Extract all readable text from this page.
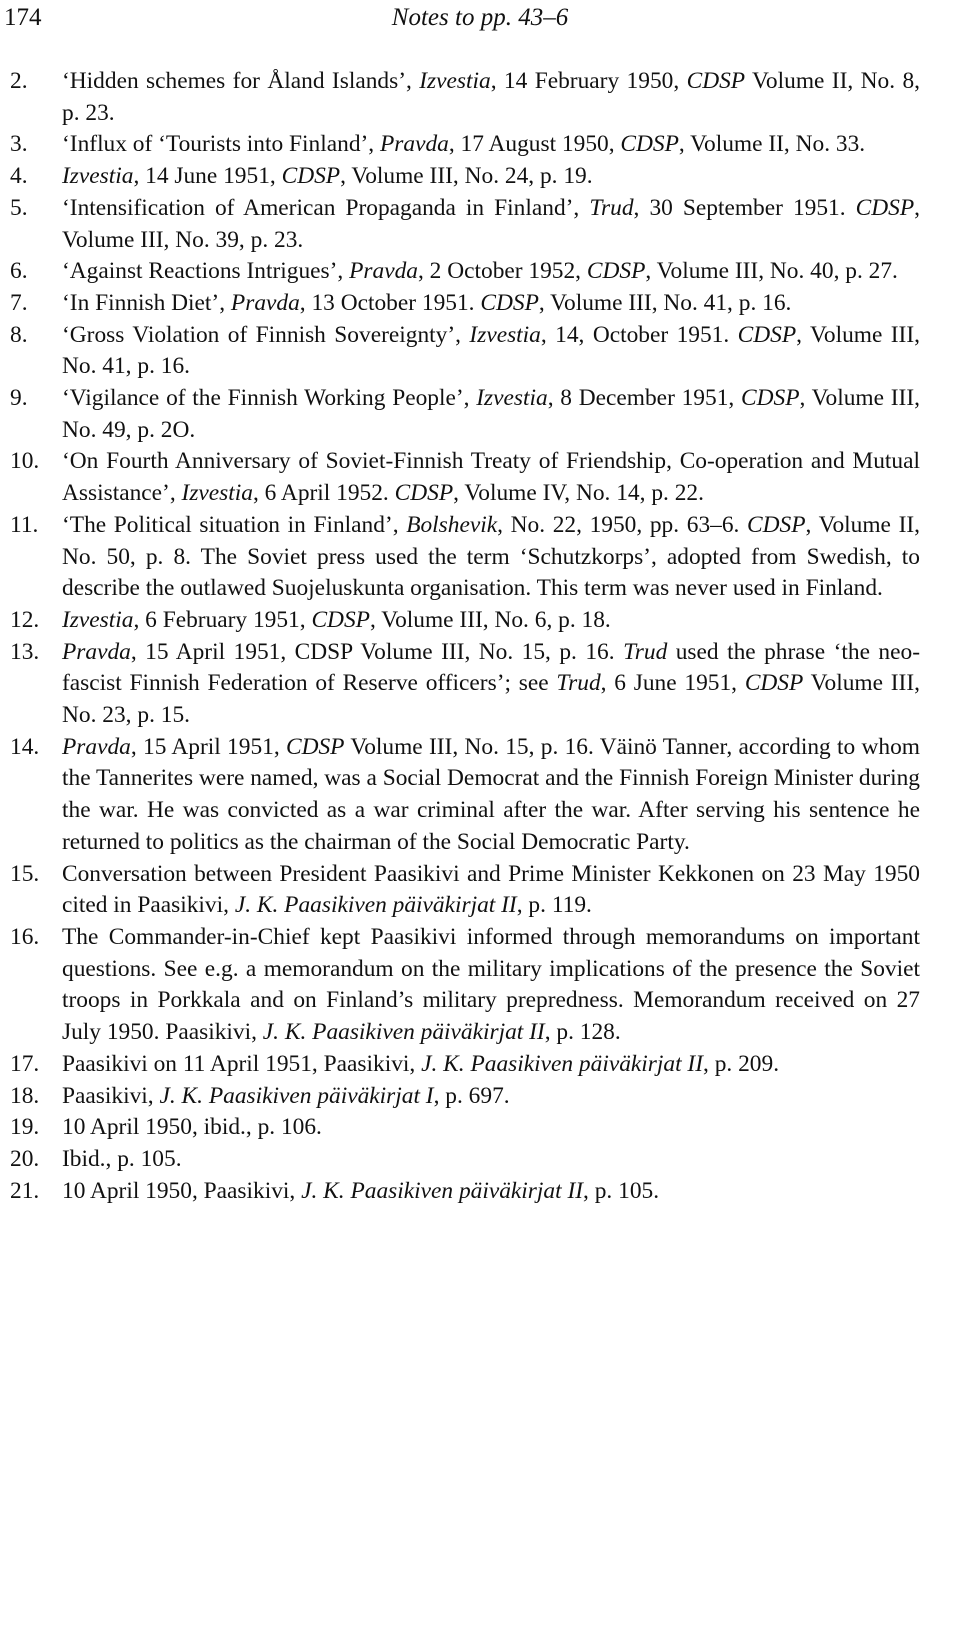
174	Notes to pp. 43–6
2.	‘Hidden schemes for Åland Islands’, Izvestia, 14 February 1950, CDSP Volume II, No. 8, p. 23.
3.	‘Influx of ‘Tourists into Finland’, Pravda, 17 August 1950, CDSP, Volume II, No. 33.
4.	Izvestia, 14 June 1951, CDSP, Volume III, No. 24, p. 19.
5.	‘Intensification of American Propaganda in Finland’, Trud, 30 September 1951. CDSP, Volume III, No. 39, p. 23.
6.	‘Against Reactions Intrigues’, Pravda, 2 October 1952, CDSP, Volume III, No. 40, p. 27.
7.	‘In Finnish Diet’, Pravda, 13 October 1951. CDSP, Volume III, No. 41, p. 16.
8.	‘Gross Violation of Finnish Sovereignty’, Izvestia, 14, October 1951. CDSP, Volume III, No. 41, p. 16.
9.	‘Vigilance of the Finnish Working People’, Izvestia, 8 December 1951, CDSP, Volume III, No. 49, p. 2O.
10. ‘On Fourth Anniversary of Soviet-Finnish Treaty of Friendship, Co-operation and Mutual Assistance’, Izvestia, 6 April 1952. CDSP, Volume IV, No. 14, p. 22.
11.	‘The Political situation in Finland’, Bolshevik, No. 22, 1950, pp. 63–6. CDSP, Volume II, No. 50, p. 8. The Soviet press used the term ‘Schutzkorps’, adopted from Swedish, to describe the outlawed Suojeluskunta organisation. This term was never used in Finland.
12. Izvestia, 6 February 1951, CDSP, Volume III, No. 6, p. 18.
13. Pravda, 15 April 1951, CDSP Volume III, No. 15, p. 16. Trud used the phrase ‘the neo-fascist Finnish Federation of Reserve officers’; see Trud, 6 June 1951, CDSP Volume III, No. 23, p. 15.
14. Pravda, 15 April 1951, CDSP Volume III, No. 15, p. 16. Väinö Tanner, according to whom the Tannerites were named, was a Social Democrat and the Finnish Foreign Minister during the war. He was convicted as a war criminal after the war. After serving his sentence he returned to politics as the chairman of the Social Democratic Party.
15. Conversation between President Paasikivi and Prime Minister Kekkonen on 23 May 1950 cited in Paasikivi, J. K. Paasikiven päiväkirjat II, p. 119.
16. The Commander-in-Chief kept Paasikivi informed through memorandums on important questions. See e.g. a memorandum on the military implications of the presence the Soviet troops in Porkkala and on Finland’s military prepredness. Memorandum received on 27 July 1950. Paasikivi, J. K. Paasikiven päiväkirjat II, p. 128.
17. Paasikivi on 11 April 1951, Paasikivi, J. K. Paasikiven päiväkirjat II, p. 209.
18. Paasikivi, J. K. Paasikiven päiväkirjat I, p. 697.
19. 10 April 1950, ibid., p. 106.
20. Ibid., p. 105.
21. 10 April 1950, Paasikivi, J. K. Paasikiven päiväkirjat II, p. 105.
